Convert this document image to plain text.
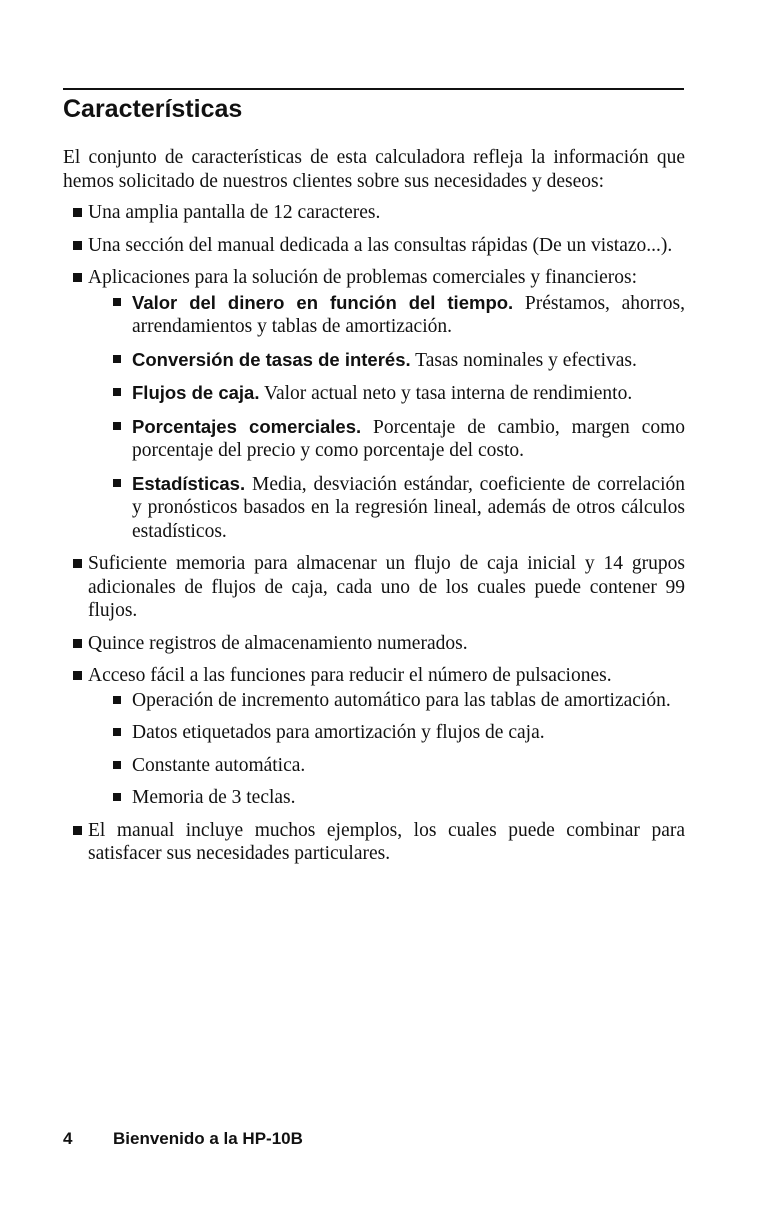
Características

El conjunto de características de esta calculadora refleja la información que hemos solicitado de nuestros clientes sobre sus necesidades y deseos:

Una amplia pantalla de 12 caracteres.
Una sección del manual dedicada a las consultas rápidas (De un vistazo...).
Aplicaciones para la solución de problemas comerciales y financieros:
Valor del dinero en función del tiempo. Préstamos, ahorros, arrendamientos y tablas de amortización.
Conversión de tasas de interés. Tasas nominales y efectivas.
Flujos de caja. Valor actual neto y tasa interna de rendimiento.
Porcentajes comerciales. Porcentaje de cambio, margen como porcentaje del precio y como porcentaje del costo.
Estadísticas. Media, desviación estándar, coeficiente de correlación y pronósticos basados en la regresión lineal, además de otros cálculos estadísticos.
Suficiente memoria para almacenar un flujo de caja inicial y 14 grupos adicionales de flujos de caja, cada uno de los cuales puede contener 99 flujos.
Quince registros de almacenamiento numerados.
Acceso fácil a las funciones para reducir el número de pulsaciones.
Operación de incremento automático para las tablas de amortización.
Datos etiquetados para amortización y flujos de caja.
Constante automática.
Memoria de 3 teclas.
El manual incluye muchos ejemplos, los cuales puede combinar para satisfacer sus necesidades particulares.
4 Bienvenido a la HP-10B
